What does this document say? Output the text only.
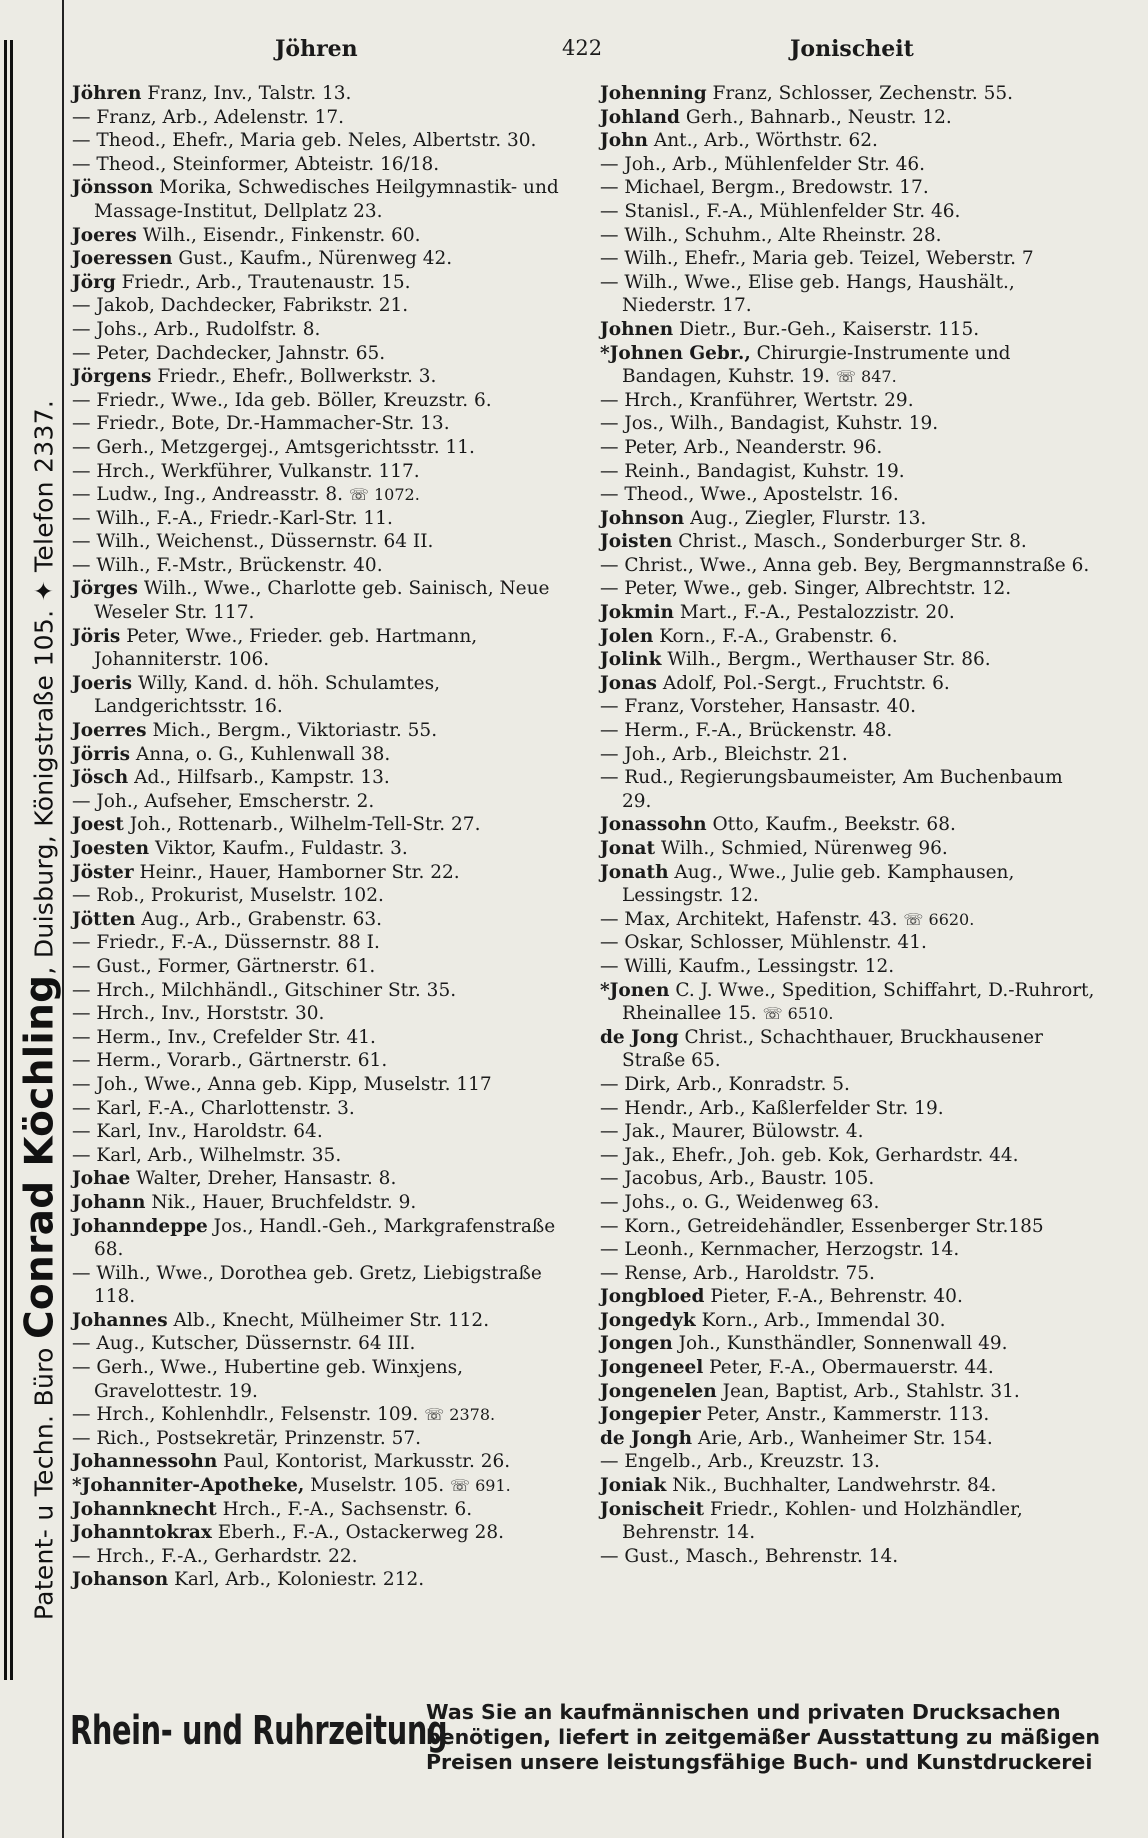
Patent- u Techn. Büro Conrad Köchling, Duisburg, Königstraße 105. ✦ Telefon 2337.
Jöhren	422	Jonischeit
Jöhren Franz, Inv., Talstr. 13.
— Franz, Arb., Adelenstr. 17.
— Theod., Ehefr., Maria geb. Neles, Albertstr. 30.
— Theod., Steinformer, Abteistr. 16/18.
Jönsson Morika, Schwedisches Heilgymnastik- und Massage-Institut, Dellplatz 23.
Joeres Wilh., Eisendr., Finkenstr. 60.
Joeressen Gust., Kaufm., Nürenweg 42.
Jörg Friedr., Arb., Trautenaustr. 15.
— Jakob, Dachdecker, Fabrikstr. 21.
— Johs., Arb., Rudolfstr. 8.
— Peter, Dachdecker, Jahnstr. 65.
Jörgens Friedr., Ehefr., Bollwerkstr. 3.
— Friedr., Wwe., Ida geb. Böller, Kreuzstr. 6.
— Friedr., Bote, Dr.-Hammacher-Str. 13.
— Gerh., Metzgergej., Amtsgerichtsstr. 11.
— Hrch., Werkführer, Vulkanstr. 117.
— Ludw., Ing., Andreasstr. 8. ☏ 1072.
— Wilh., F.-A., Friedr.-Karl-Str. 11.
— Wilh., Weichenst., Düssernstr. 64 II.
— Wilh., F.-Mstr., Brückenstr. 40.
Jörges Wilh., Wwe., Charlotte geb. Sainisch, Neue Weseler Str. 117.
Jöris Peter, Wwe., Frieder. geb. Hartmann, Johanniterstr. 106.
Joeris Willy, Kand. d. höh. Schulamtes, Landgerichtsstr. 16.
Joerres Mich., Bergm., Viktoriastr. 55.
Jörris Anna, o. G., Kuhlenwall 38.
Jösch Ad., Hilfsarb., Kampstr. 13.
— Joh., Aufseher, Emscherstr. 2.
Joest Joh., Rottenarb., Wilhelm-Tell-Str. 27.
Joesten Viktor, Kaufm., Fuldastr. 3.
Jöster Heinr., Hauer, Hamborner Str. 22.
— Rob., Prokurist, Muselstr. 102.
Jötten Aug., Arb., Grabenstr. 63.
— Friedr., F.-A., Düssernstr. 88 I.
— Gust., Former, Gärtnerstr. 61.
— Hrch., Milchhändl., Gitschiner Str. 35.
— Hrch., Inv., Horststr. 30.
— Herm., Inv., Crefelder Str. 41.
— Herm., Vorarb., Gärtnerstr. 61.
— Joh., Wwe., Anna geb. Kipp, Muselstr. 117
— Karl, F.-A., Charlottenstr. 3.
— Karl, Inv., Haroldstr. 64.
— Karl, Arb., Wilhelmstr. 35.
Johae Walter, Dreher, Hansastr. 8.
Johann Nik., Hauer, Bruchfeldstr. 9.
Johanndeppe Jos., Handl.-Geh., Markgrafenstraße 68.
— Wilh., Wwe., Dorothea geb. Gretz, Liebigstraße 118.
Johannes Alb., Knecht, Mülheimer Str. 112.
— Aug., Kutscher, Düssernstr. 64 III.
— Gerh., Wwe., Hubertine geb. Winxjens, Gravelottestr. 19.
— Hrch., Kohlenhdlr., Felsenstr. 109. ☏ 2378.
— Rich., Postsekretär, Prinzenstr. 57.
Johannessohn Paul, Kontorist, Markusstr. 26.
*Johanniter-Apotheke, Muselstr. 105. ☏ 691.
Johannknecht Hrch., F.-A., Sachsenstr. 6.
Johanntokrax Eberh., F.-A., Ostackerweg 28.
— Hrch., F.-A., Gerhardstr. 22.
Johanson Karl, Arb., Koloniestr. 212.
Johenning Franz, Schlosser, Zechenstr. 55.
Johland Gerh., Bahnarb., Neustr. 12.
John Ant., Arb., Wörthstr. 62.
— Joh., Arb., Mühlenfelder Str. 46.
— Michael, Bergm., Bredowstr. 17.
— Stanisl., F.-A., Mühlenfelder Str. 46.
— Wilh., Schuhm., Alte Rheinstr. 28.
— Wilh., Ehefr., Maria geb. Teizel, Weberstr. 7
— Wilh., Wwe., Elise geb. Hangs, Haushält., Niederstr. 17.
Johnen Dietr., Bur.-Geh., Kaiserstr. 115.
*Johnen Gebr., Chirurgie-Instrumente und Bandagen, Kuhstr. 19. ☏ 847.
— Hrch., Kranführer, Wertstr. 29.
— Jos., Wilh., Bandagist, Kuhstr. 19.
— Peter, Arb., Neanderstr. 96.
— Reinh., Bandagist, Kuhstr. 19.
— Theod., Wwe., Apostelstr. 16.
Johnson Aug., Ziegler, Flurstr. 13.
Joisten Christ., Masch., Sonderburger Str. 8.
— Christ., Wwe., Anna geb. Bey, Bergmannstraße 6.
— Peter, Wwe., geb. Singer, Albrechtstr. 12.
Jokmin Mart., F.-A., Pestalozzistr. 20.
Jolen Korn., F.-A., Grabenstr. 6.
Jolink Wilh., Bergm., Werthauser Str. 86.
Jonas Adolf, Pol.-Sergt., Fruchtstr. 6.
— Franz, Vorsteher, Hansastr. 40.
— Herm., F.-A., Brückenstr. 48.
— Joh., Arb., Bleichstr. 21.
— Rud., Regierungsbaumeister, Am Buchenbaum 29.
Jonassohn Otto, Kaufm., Beekstr. 68.
Jonat Wilh., Schmied, Nürenweg 96.
Jonath Aug., Wwe., Julie geb. Kamphausen, Lessingstr. 12.
— Max, Architekt, Hafenstr. 43. ☏ 6620.
— Oskar, Schlosser, Mühlenstr. 41.
— Willi, Kaufm., Lessingstr. 12.
*Jonen C. J. Wwe., Spedition, Schiffahrt, D.-Ruhrort, Rheinallee 15. ☏ 6510.
de Jong Christ., Schachthauer, Bruckhausener Straße 65.
— Dirk, Arb., Konradstr. 5.
— Hendr., Arb., Kaßlerfelder Str. 19.
— Jak., Maurer, Bülowstr. 4.
— Jak., Ehefr., Joh. geb. Kok, Gerhardstr. 44.
— Jacobus, Arb., Baustr. 105.
— Johs., o. G., Weidenweg 63.
— Korn., Getreidehändler, Essenberger Str.185
— Leonh., Kernmacher, Herzogstr. 14.
— Rense, Arb., Haroldstr. 75.
Jongbloed Pieter, F.-A., Behrenstr. 40.
Jongedyk Korn., Arb., Immendal 30.
Jongen Joh., Kunsthändler, Sonnenwall 49.
Jongeneel Peter, F.-A., Obermauerstr. 44.
Jongenelen Jean, Baptist, Arb., Stahlstr. 31.
Jongepier Peter, Anstr., Kammerstr. 113.
de Jongh Arie, Arb., Wanheimer Str. 154.
— Engelb., Arb., Kreuzstr. 13.
Joniak Nik., Buchhalter, Landwehrstr. 84.
Jonischeit Friedr., Kohlen- und Holzhändler, Behrenstr. 14.
— Gust., Masch., Behrenstr. 14.
Rhein- und Ruhrzeitung
Was Sie an kaufmännischen und privaten Drucksachen
benötigen, liefert in zeitgemäßer Ausstattung zu mäßigen
Preisen unsere leistungsfähige Buch- und Kunstdruckerei
